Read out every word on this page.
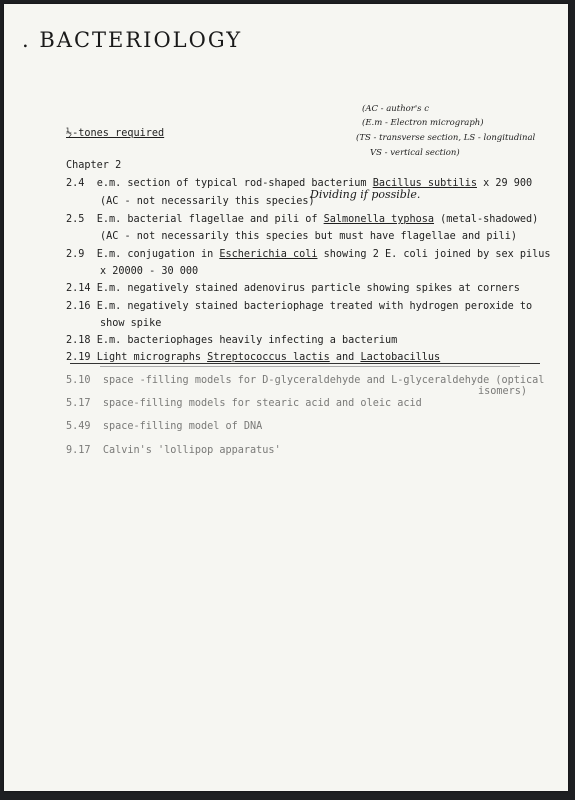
. BACTERIOLOGY
(AC - author's c
(E.m - Electron micrograph)
(TS - transverse section, LS - longitudinal
VS - vertical section)
½-tones required
Chapter 2
2.4 e.m. section of typical rod-shaped bacterium Bacillus subtilis x 29 900
(AC - not necessarily this species)
Dividing if possible.
2.5 E.m. bacterial flagellae and pili of Salmonella typhosa (metal-shadowed)
(AC - not necessarily this species but must have flagellae and pili)
2.9 E.m. conjugation in Escherichia coli showing 2 E. coli joined by sex pilus
x 20000 - 30 000
2.14 E.m. negatively stained adenovirus particle showing spikes at corners
2.16 E.m. negatively stained bacteriophage treated with hydrogen peroxide to
show spike
2.18 E.m. bacteriophages heavily infecting a bacterium
2.19 Light micrographs Streptococcus lactis and Lactobacillus
5.10 space -filling models for D-glyceraldehyde and L-glyceraldehyde (optical
isomers)
5.17 space-filling models for stearic acid and oleic acid
5.49 space-filling model of DNA
9.17 Calvin's 'lollipop apparatus'
